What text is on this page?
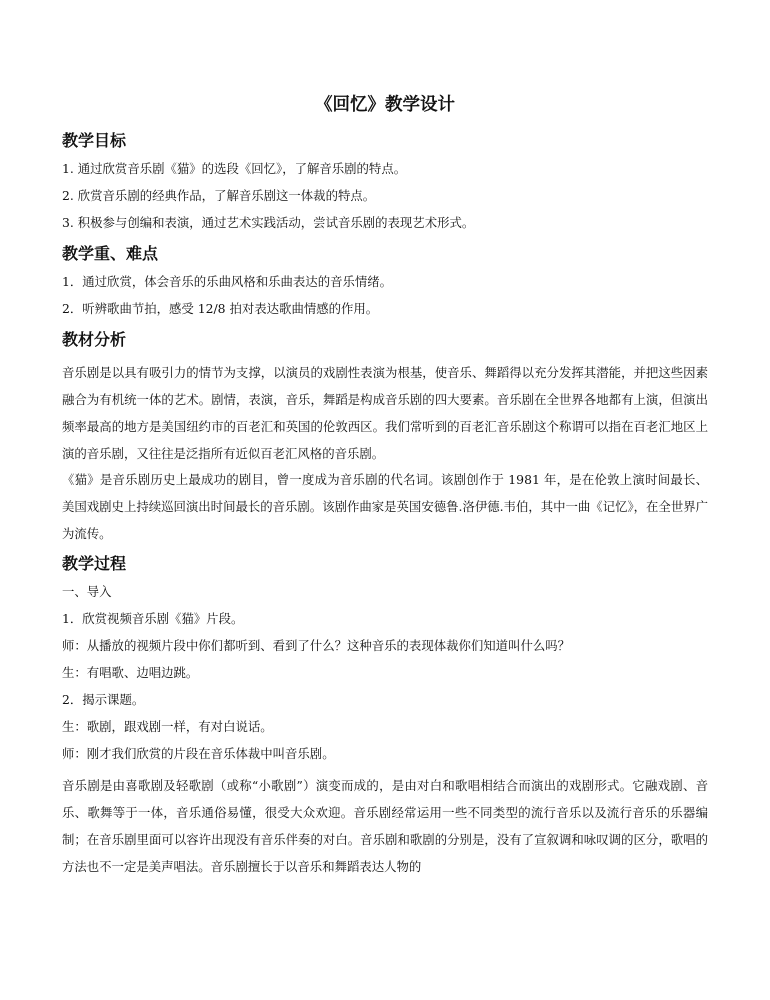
《回忆》教学设计
教学目标

1. 通过欣赏音乐剧《猫》的选段《回忆》，了解音乐剧的特点。

2. 欣赏音乐剧的经典作品，了解音乐剧这一体裁的特点。

3. 积极参与创编和表演，通过艺术实践活动，尝试音乐剧的表现艺术形式。

教学重、难点

1．通过欣赏，体会音乐的乐曲风格和乐曲表达的音乐情绪。

2．听辨歌曲节拍，感受 12/8 拍对表达歌曲情感的作用。

教材分析

音乐剧是以具有吸引力的情节为支撑，以演员的戏剧性表演为根基，使音乐、舞蹈得以充分发挥其潜能，并把这些因素融合为有机统一体的艺术。剧情，表演，音乐，舞蹈是构成音乐剧的四大要素。音乐剧在全世界各地都有上演，但演出频率最高的地方是美国纽约市的百老汇和英国的伦敦西区。我们常听到的百老汇音乐剧这个称谓可以指在百老汇地区上演的音乐剧，又往往是泛指所有近似百老汇风格的音乐剧。

《猫》是音乐剧历史上最成功的剧目，曾一度成为音乐剧的代名词。该剧创作于 1981 年，是在伦敦上演时间最长、美国戏剧史上持续巡回演出时间最长的音乐剧。该剧作曲家是英国安德鲁.洛伊德.韦伯，其中一曲《记忆》，在全世界广为流传。

教学过程

一、导入

1．欣赏视频音乐剧《猫》片段。

师：从播放的视频片段中你们都听到、看到了什么？这种音乐的表现体裁你们知道叫什么吗？

生：有唱歌、边唱边跳。

2．揭示课题。

生：歌剧，跟戏剧一样，有对白说话。

师：刚才我们欣赏的片段在音乐体裁中叫音乐剧。

音乐剧是由喜歌剧及轻歌剧（或称“小歌剧”）演变而成的，是由对白和歌唱相结合而演出的戏剧形式。它融戏剧、音乐、歌舞等于一体，音乐通俗易懂，很受大众欢迎。音乐剧经常运用一些不同类型的流行音乐以及流行音乐的乐器编制；在音乐剧里面可以容许出现没有音乐伴奏的对白。音乐剧和歌剧的分别是，没有了宣叙调和咏叹调的区分，歌唱的方法也不一定是美声唱法。音乐剧擅长于以音乐和舞蹈表达人物的
